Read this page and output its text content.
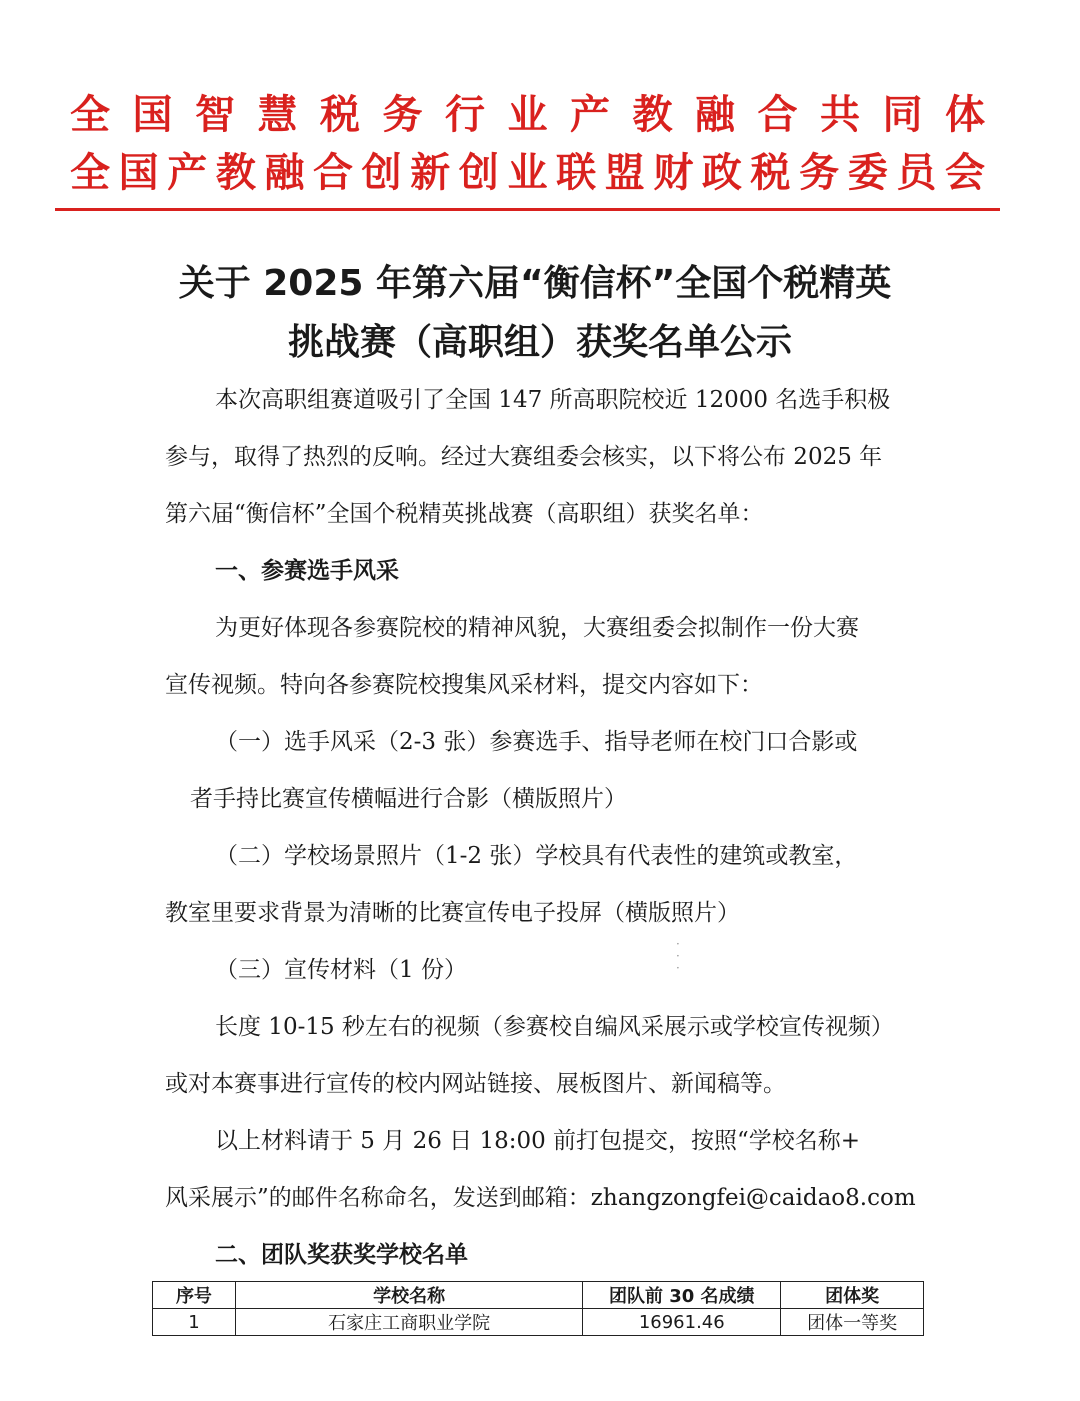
全 国 智 慧 税 务 行 业 产 教 融 合 共 同 体
全 国 产 教 融 合 创 新 创 业 联 盟 财 政 税 务 委 员 会
关于 2025 年第六届“衡信杯”全国个税精英
挑战赛（高职组）获奖名单公示
本次高职组赛道吸引了全国 147 所高职院校近 12000 名选手积极
参与，取得了热烈的反响。经过大赛组委会核实，以下将公布 2025 年
第六届“衡信杯”全国个税精英挑战赛（高职组）获奖名单：
一、参赛选手风采
为更好体现各参赛院校的精神风貌，大赛组委会拟制作一份大赛
宣传视频。特向各参赛院校搜集风采材料，提交内容如下：
（一）选手风采（2-3 张）参赛选手、指导老师在校门口合影或
者手持比赛宣传横幅进行合影（横版照片）
（二）学校场景照片（1-2 张）学校具有代表性的建筑或教室，
教室里要求背景为清晰的比赛宣传电子投屏（横版照片）
·
·
·
（三）宣传材料（1 份）
长度 10-15 秒左右的视频（参赛校自编风采展示或学校宣传视频）
或对本赛事进行宣传的校内网站链接、展板图片、新闻稿等。
以上材料请于 5 月 26 日 18:00 前打包提交，按照“学校名称+
风采展示”的邮件名称命名，发送到邮箱：zhangzongfei@caidao8.com
二、团队奖获奖学校名单
序号	学校名称	团队前 30 名成绩	团体奖
1	石家庄工商职业学院	16961.46	团体一等奖
